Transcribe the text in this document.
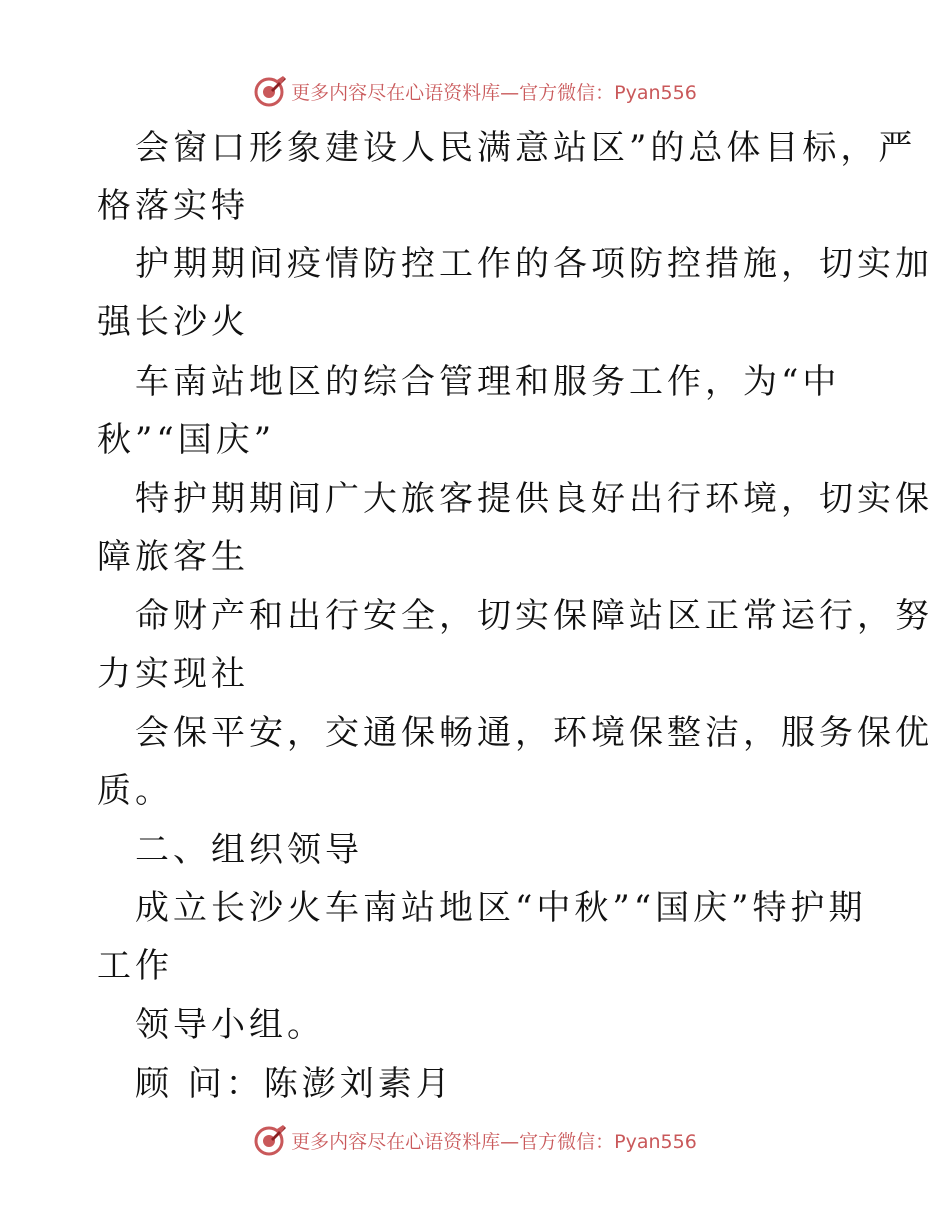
更多内容尽在心语资料库—官方微信：Pyan556
会窗口形象建设人民满意站区”的总体目标，严
格落实特
护期期间疫情防控工作的各项防控措施，切实加
强长沙火
车南站地区的综合管理和服务工作，为“中
秋”“国庆”
特护期期间广大旅客提供良好出行环境，切实保
障旅客生
命财产和出行安全，切实保障站区正常运行，努
力实现社
会保平安，交通保畅通，环境保整洁，服务保优
质。
二、组织领导
成立长沙火车南站地区“中秋”“国庆”特护期
工作
领导小组。
顾 问：陈澎刘素月
更多内容尽在心语资料库—官方微信：Pyan556
